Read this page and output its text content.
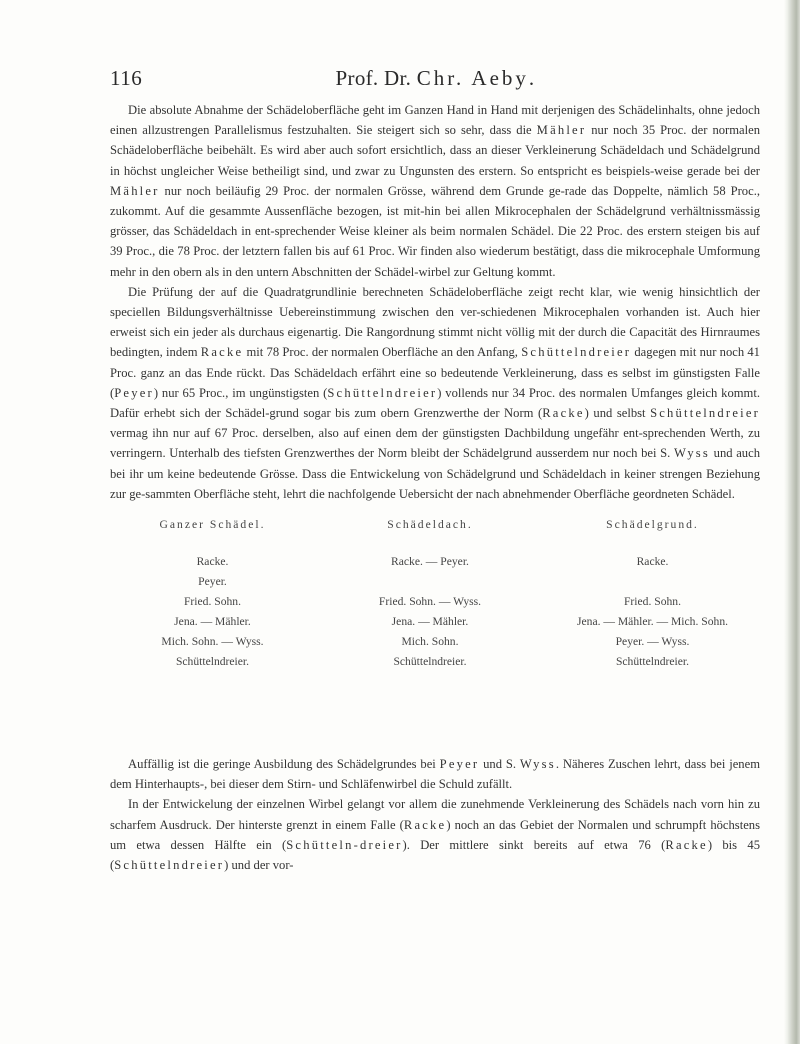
116	Prof. Dr. Chr. Aeby.

Die absolute Abnahme der Schädeloberfläche geht im Ganzen Hand in Hand mit derjenigen des Schädelinhalts, ohne jedoch einen allzustrengen Parallelismus festzuhalten. Sie steigert sich so sehr, dass die Mähler nur noch 35 Proc. der normalen Schädeloberfläche beibehält. Es wird aber auch sofort ersichtlich, dass an dieser Verkleinerung Schädeldach und Schädelgrund in höchst ungleicher Weise betheiligt sind, und zwar zu Ungunsten des erstern. So entspricht es beispiels-weise gerade bei der Mähler nur noch beiläufig 29 Proc. der normalen Grösse, während dem Grunde ge-rade das Doppelte, nämlich 58 Proc., zukommt. Auf die gesammte Aussenfläche bezogen, ist mit-hin bei allen Mikrocephalen der Schädelgrund verhältnissmässig grösser, das Schädeldach in ent-sprechender Weise kleiner als beim normalen Schädel. Die 22 Proc. des erstern steigen bis auf 39 Proc., die 78 Proc. der letztern fallen bis auf 61 Proc. Wir finden also wiederum bestätigt, dass die mikrocephale Umformung mehr in den obern als in den untern Abschnitten der Schädel-wirbel zur Geltung kommt.

Die Prüfung der auf die Quadratgrundlinie berechneten Schädeloberfläche zeigt recht klar, wie wenig hinsichtlich der speciellen Bildungsverhältnisse Uebereinstimmung zwischen den ver-schiedenen Mikrocephalen vorhanden ist. Auch hier erweist sich ein jeder als durchaus eigenartig. Die Rangordnung stimmt nicht völlig mit der durch die Capacität des Hirnraumes bedingten, indem Racke mit 78 Proc. der normalen Oberfläche an den Anfang, Schüttelndreier dagegen mit nur noch 41 Proc. ganz an das Ende rückt. Das Schädeldach erfährt eine so bedeutende Verkleinerung, dass es selbst im günstigsten Falle (Peyer) nur 65 Proc., im ungünstigsten (Schüttelndreier) vollends nur 34 Proc. des normalen Umfanges gleich kommt. Dafür erhebt sich der Schädel-grund sogar bis zum obern Grenzwerthe der Norm (Racke) und selbst Schüttelndreier vermag ihn nur auf 67 Proc. derselben, also auf einen dem der günstigsten Dachbildung ungefähr ent-sprechenden Werth, zu verringern. Unterhalb des tiefsten Grenzwerthes der Norm bleibt der Schädelgrund ausserdem nur noch bei S. Wyss und auch bei ihr um keine bedeutende Grösse. Dass die Entwickelung von Schädelgrund und Schädeldach in keiner strengen Beziehung zur ge-sammten Oberfläche steht, lehrt die nachfolgende Uebersicht der nach abnehmender Oberfläche geordneten Schädel.

Ganzer Schädel.
Racke.
Peyer.
Fried. Sohn.
Jena. — Mähler.
Mich. Sohn. — Wyss.
Schüttelndreier.
Schädeldach.
Racke. — Peyer.
Fried. Sohn. — Wyss.
Jena. — Mähler.
Mich. Sohn.
Schüttelndreier.
Schädelgrund.
Racke.
Fried. Sohn.
Jena. — Mähler. — Mich. Sohn.
Peyer. — Wyss.
Schüttelndreier.

Auffällig ist die geringe Ausbildung des Schädelgrundes bei Peyer und S. Wyss. Näheres Zuschen lehrt, dass bei jenem dem Hinterhaupts-, bei dieser dem Stirn- und Schläfenwirbel die Schuld zufällt.

In der Entwickelung der einzelnen Wirbel gelangt vor allem die zunehmende Verkleinerung des Schädels nach vorn hin zu scharfem Ausdruck. Der hinterste grenzt in einem Falle (Racke) noch an das Gebiet der Normalen und schrumpft höchstens um etwa dessen Hälfte ein (Schütteln-dreier). Der mittlere sinkt bereits auf etwa 76 (Racke) bis 45 (Schüttelndreier) und der vor-
